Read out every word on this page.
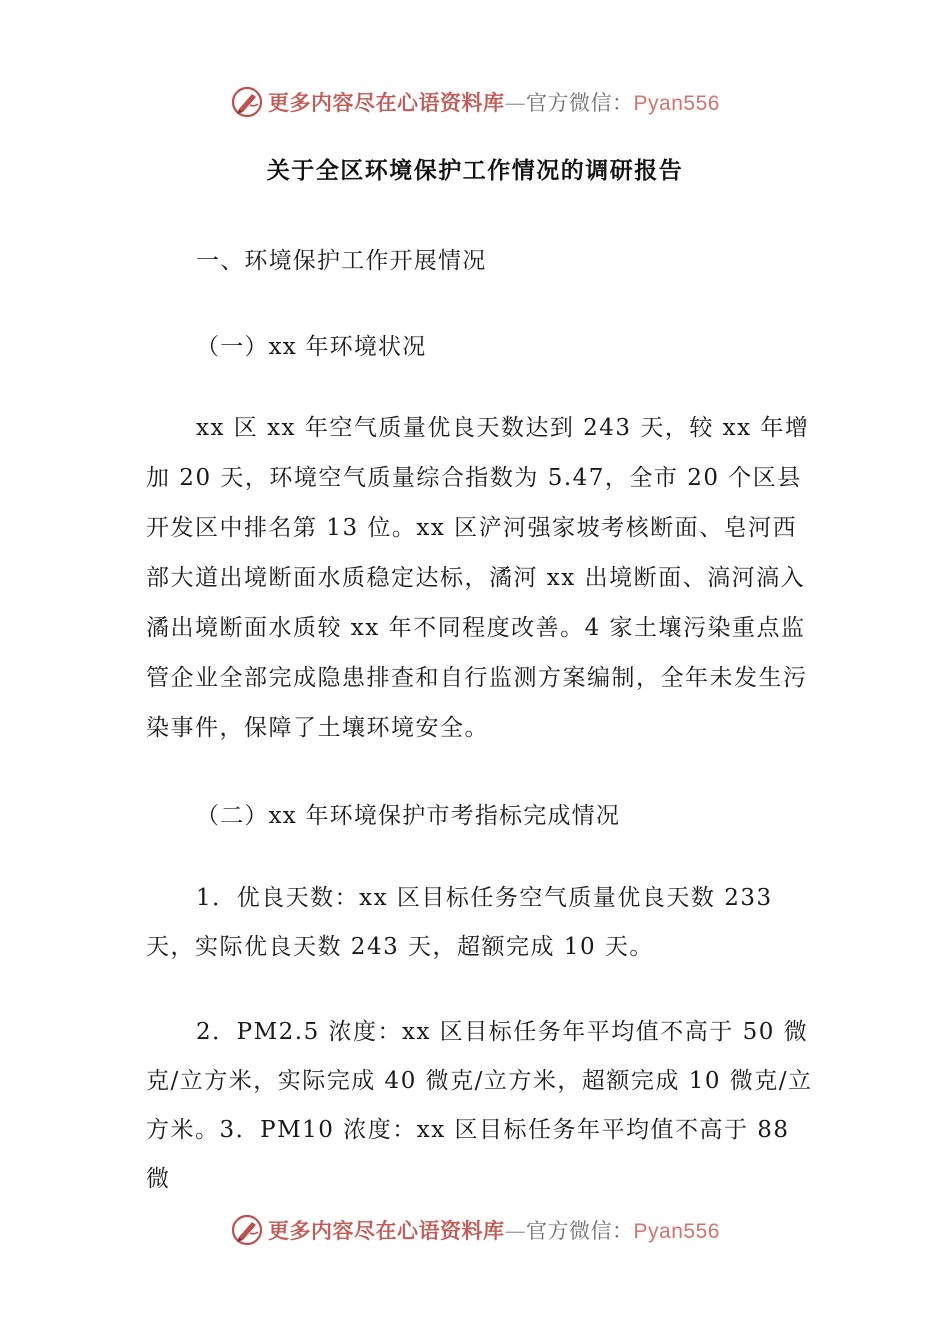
更多内容尽在心语资料库—官方微信：Pyan556
关于全区环境保护工作情况的调研报告
一、环境保护工作开展情况
（一）xx 年环境状况
xx 区 xx 年空气质量优良天数达到 243 天，较 xx 年增加 20 天，环境空气质量综合指数为 5.47，全市 20 个区县开发区中排名第 13 位。xx 区浐河强家坡考核断面、皂河西部大道出境断面水质稳定达标，潏河 xx 出境断面、滈河滈入潏出境断面水质较 xx 年不同程度改善。4 家土壤污染重点监管企业全部完成隐患排查和自行监测方案编制，全年未发生污染事件，保障了土壤环境安全。
（二）xx 年环境保护市考指标完成情况
1．优良天数：xx 区目标任务空气质量优良天数 233 天，实际优良天数 243 天，超额完成 10 天。
2．PM2.5 浓度：xx 区目标任务年平均值不高于 50 微克/立方米，实际完成 40 微克/立方米，超额完成 10 微克/立方米。3．PM10 浓度：xx 区目标任务年平均值不高于 88 微
更多内容尽在心语资料库—官方微信：Pyan556
